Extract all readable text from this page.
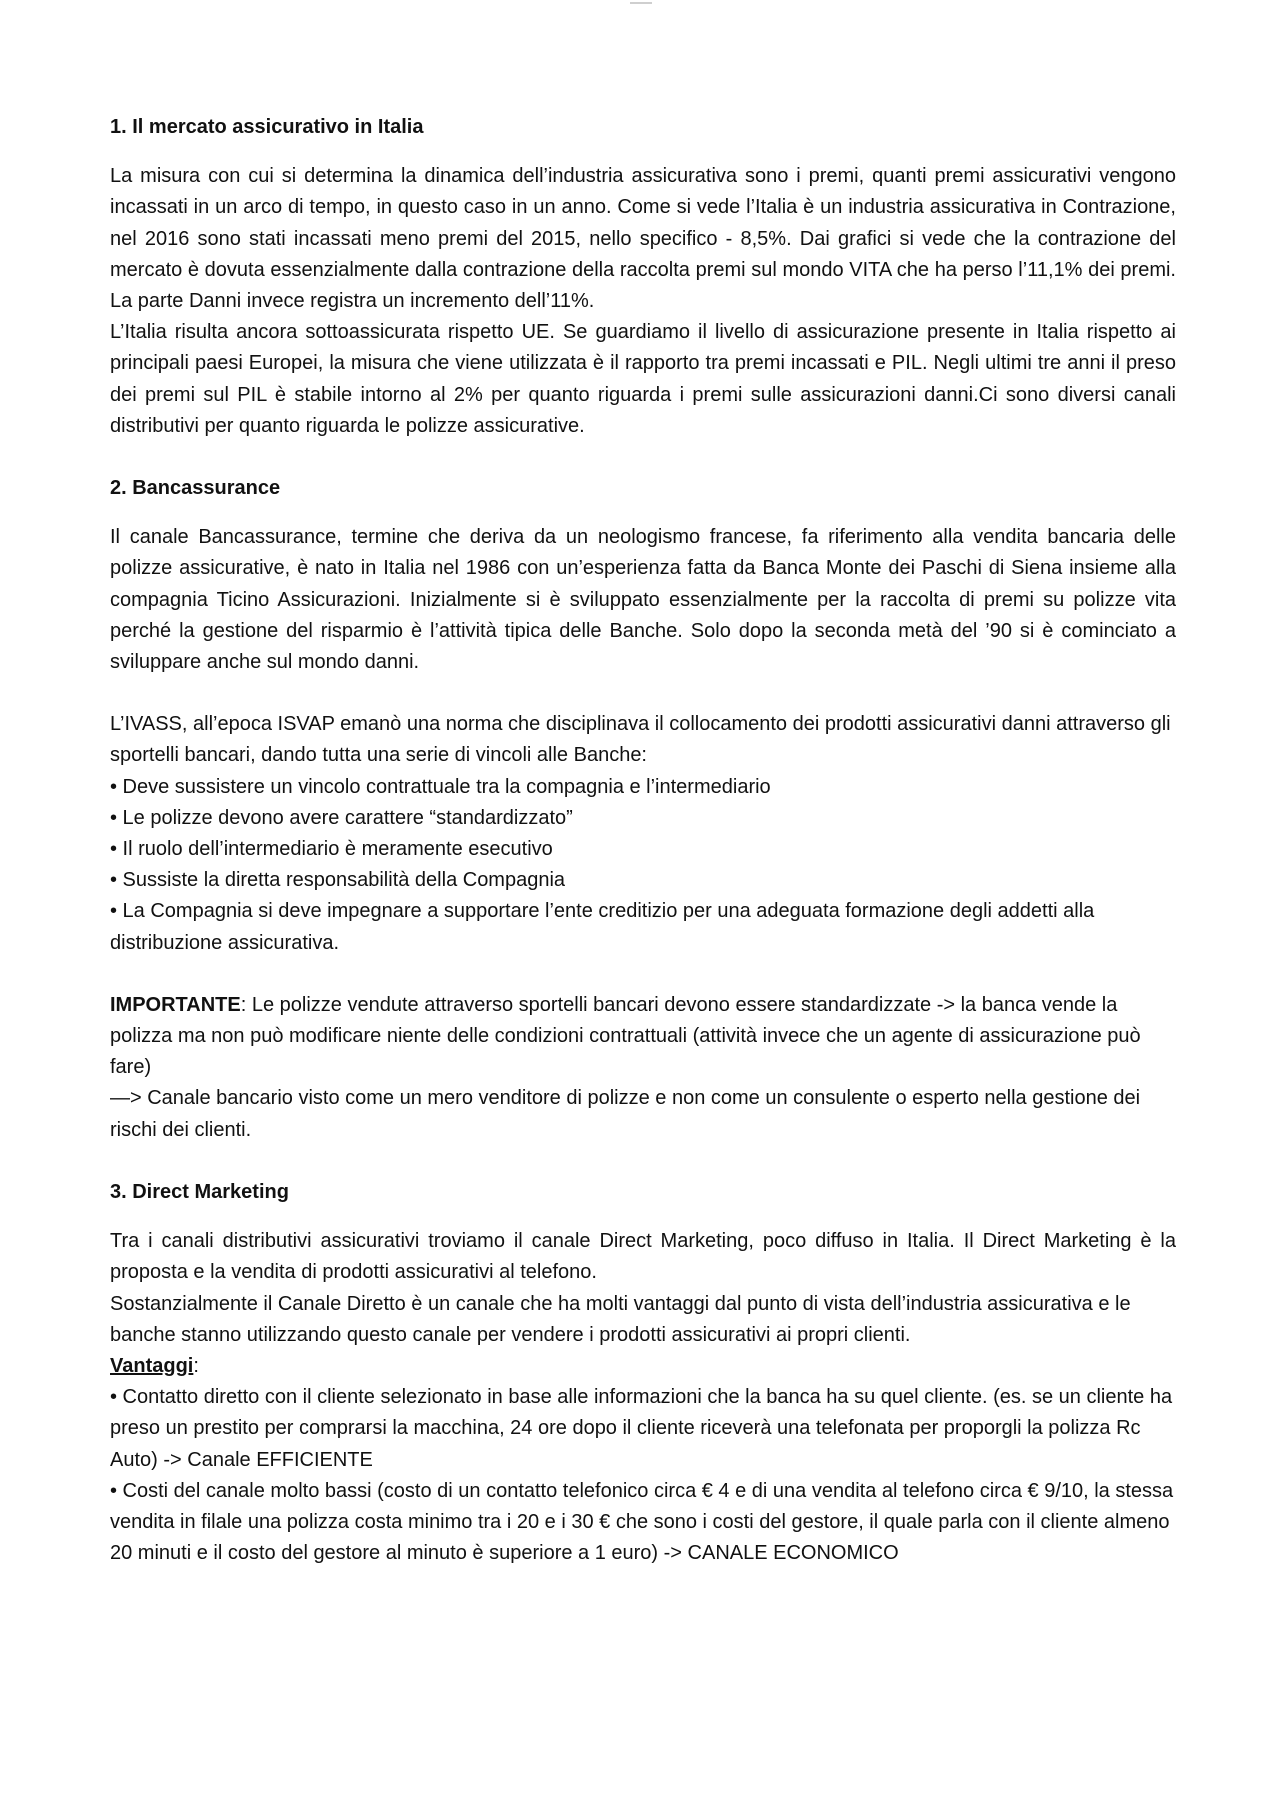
1. Il mercato assicurativo in Italia

La misura con cui si determina la dinamica dell’industria assicurativa sono i premi, quanti premi assicurativi vengono incassati in un arco di tempo, in questo caso in un anno. Come si vede l’Italia è un industria assicurativa in Contrazione, nel 2016 sono stati incassati meno premi del 2015, nello specifico - 8,5%. Dai grafici si vede che la contrazione del mercato è dovuta essenzialmente dalla contrazione della raccolta premi sul mondo VITA che ha perso l’11,1% dei premi. La parte Danni invece registra un incremento dell’11%.

L’Italia risulta ancora sottoassicurata rispetto UE. Se guardiamo il livello di assicurazione presente in Italia rispetto ai principali paesi Europei, la misura che viene utilizzata è il rapporto tra premi incassati e PIL. Negli ultimi tre anni il preso dei premi sul PIL è stabile intorno al 2% per quanto riguarda i premi sulle assicurazioni danni.Ci sono diversi canali distributivi per quanto riguarda le polizze assicurative.

2. Bancassurance

Il canale Bancassurance, termine che deriva da un neologismo francese, fa riferimento alla vendita bancaria delle polizze assicurative, è nato in Italia nel 1986 con un’esperienza fatta da Banca Monte dei Paschi di Siena insieme alla compagnia Ticino Assicurazioni. Inizialmente si è sviluppato essenzialmente per la raccolta di premi su polizze vita perché la gestione del risparmio è l’attività tipica delle Banche. Solo dopo la seconda metà del ’90 si è cominciato a sviluppare anche sul mondo danni.

L’IVASS, all’epoca ISVAP emanò una norma che disciplinava il collocamento dei prodotti assicurativi danni attraverso gli sportelli bancari, dando tutta una serie di vincoli alle Banche:

• Deve sussistere un vincolo contrattuale tra la compagnia e l’intermediario
• Le polizze devono avere carattere “standardizzato”
• Il ruolo dell’intermediario è meramente esecutivo
• Sussiste la diretta responsabilità della Compagnia
• La Compagnia si deve impegnare a supportare l’ente creditizio per una adeguata formazione degli addetti alla distribuzione assicurativa.

IMPORTANTE: Le polizze vendute attraverso sportelli bancari devono essere standardizzate -> la banca vende la polizza ma non può modificare niente delle condizioni contrattuali (attività invece che un agente di assicurazione può fare)

—> Canale bancario visto come un mero venditore di polizze e non come un consulente o esperto nella gestione dei rischi dei clienti.

3. Direct Marketing

Tra i canali distributivi assicurativi troviamo il canale Direct Marketing, poco diffuso in Italia. Il Direct Marketing è la proposta e la vendita di prodotti assicurativi al telefono.

Sostanzialmente il Canale Diretto è un canale che ha molti vantaggi dal punto di vista dell’industria assicurativa e le banche stanno utilizzando questo canale per vendere i prodotti assicurativi ai propri clienti.

Vantaggi:

• Contatto diretto con il cliente selezionato in base alle informazioni che la banca ha su quel cliente. (es. se un cliente ha preso un prestito per comprarsi la macchina, 24 ore dopo il cliente riceverà una telefonata per proporgli la polizza Rc Auto) -> Canale EFFICIENTE
• Costi del canale molto bassi (costo di un contatto telefonico circa € 4 e di una vendita al telefono circa € 9/10, la stessa vendita in filale una polizza costa minimo tra i 20 e i 30 € che sono i costi del gestore, il quale parla con il cliente almeno 20 minuti e il costo del gestore al minuto è superiore a 1 euro) -> CANALE ECONOMICO
